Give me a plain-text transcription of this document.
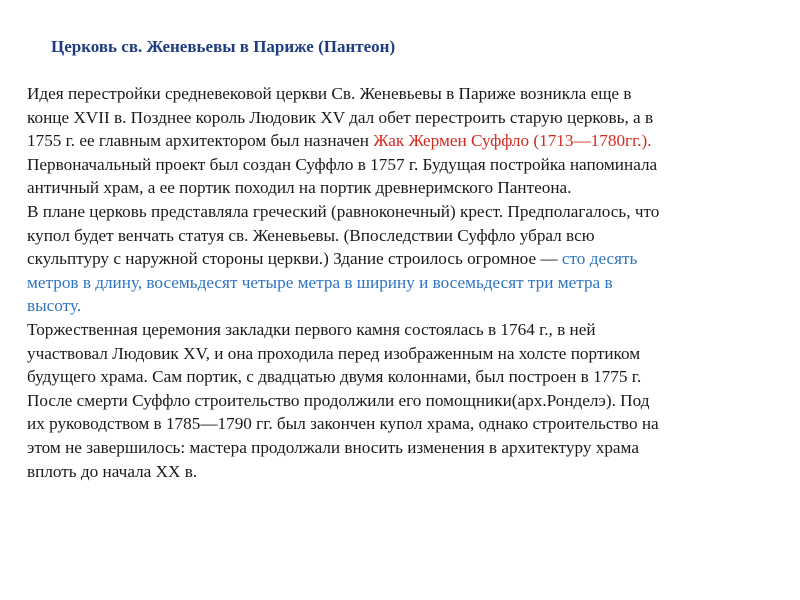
Церковь св. Женевьевы в Париже (Пантеон)
Идея перестройки средневековой церкви Св. Женевьевы в Париже возникла еще в
конце XVII в. Позднее король Людовик XV дал обет перестроить старую церковь, а в
1755 г. ее главным архитектором был назначен Жак Жермен Суффло (1713—1780гг.).
Первоначальный проект был создан Суффло в 1757 г. Будущая постройка напоминала
античный храм, а ее портик походил на портик древнеримского Пантеона.
В плане церковь представляла греческий (равноконечный) крест. Предполагалось, что
купол будет венчать статуя св. Женевьевы. (Впоследствии Суффло убрал всю
скульптуру с наружной стороны церкви.) Здание строилось огромное — сто десять
метров в длину, восемьдесят четыре метра в ширину и восемьдесят три метра в
высоту.
Торжественная церемония закладки первого камня состоялась в 1764 г., в ней
участвовал Людовик XV, и она проходила перед изображенным на холсте портиком
будущего храма. Сам портик, с двадцатью двумя колоннами, был построен в 1775 г.
После смерти Суффло строительство продолжили его помощники(арх.Ронделэ). Под
их руководством в 1785—1790 гг. был закончен купол храма, однако строительство на
этом не завершилось: мастера продолжали вносить изменения в архитектуру храма
вплоть до начала XX в.
